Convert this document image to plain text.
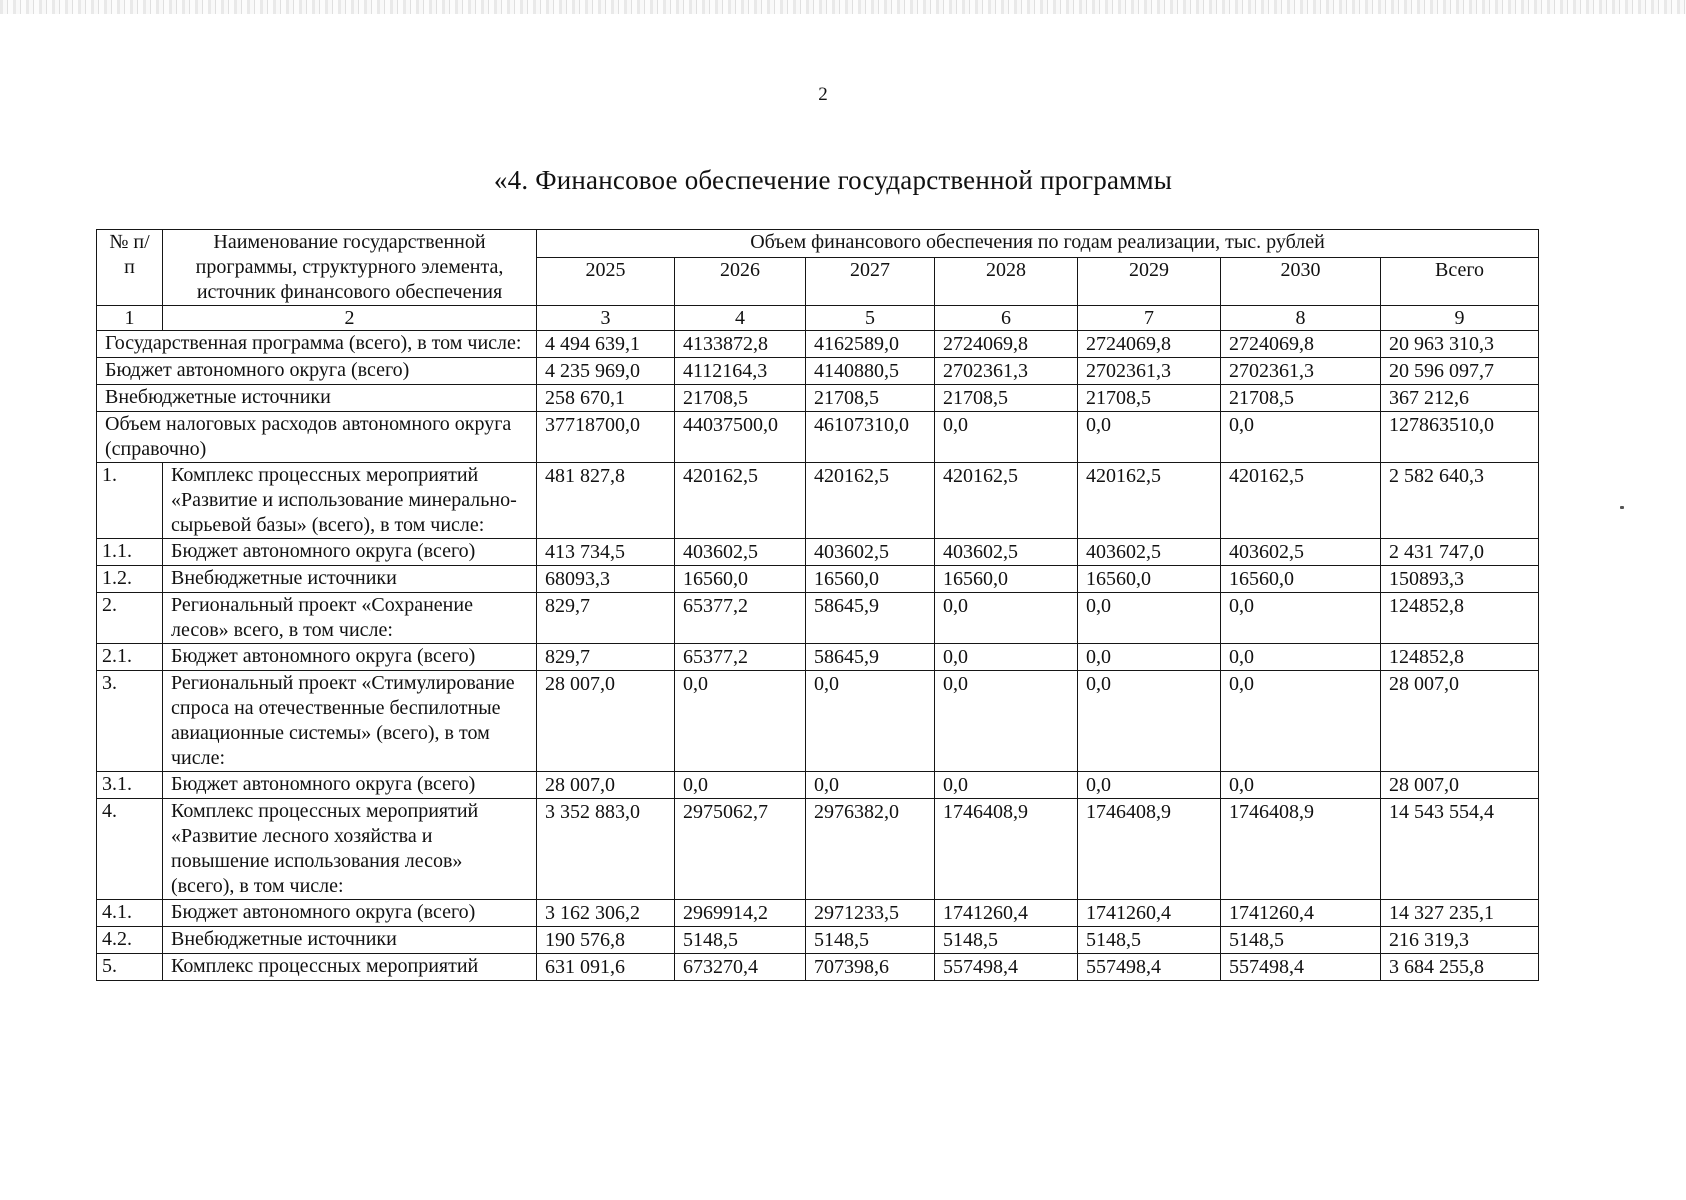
2
«4. Финансовое обеспечение государственной программы
№ п/п	Наименование государственной программы, структурного элемента, источник финансового обеспечения	Объем финансового обеспечения по годам реализации, тыс. рублей						
		2025	2026	2027	2028	2029	2030	Всего
1	2	3	4	5	6	7	8	9
Государственная программа (всего), в том числе:		4 494 639,1	4133872,8	4162589,0	2724069,8	2724069,8	2724069,8	20 963 310,3
Бюджет автономного округа (всего)		4 235 969,0	4112164,3	4140880,5	2702361,3	2702361,3	2702361,3	20 596 097,7
Внебюджетные источники		258 670,1	21708,5	21708,5	21708,5	21708,5	21708,5	367 212,6
Объем налоговых расходов автономного округа (справочно)		37718700,0	44037500,0	46107310,0	0,0	0,0	0,0	127863510,0
1.	Комплекс процессных мероприятий «Развитие и использование минерально-сырьевой базы» (всего), в том числе:	481 827,8	420162,5	420162,5	420162,5	420162,5	420162,5	2 582 640,3
1.1.	Бюджет автономного округа (всего)	413 734,5	403602,5	403602,5	403602,5	403602,5	403602,5	2 431 747,0
1.2.	Внебюджетные источники	68093,3	16560,0	16560,0	16560,0	16560,0	16560,0	150893,3
2.	Региональный проект «Сохранение лесов» всего, в том числе:	829,7	65377,2	58645,9	0,0	0,0	0,0	124852,8
2.1.	Бюджет автономного округа (всего)	829,7	65377,2	58645,9	0,0	0,0	0,0	124852,8
3.	Региональный проект «Стимулирование спроса на отечественные беспилотные авиационные системы» (всего), в том числе:	28 007,0	0,0	0,0	0,0	0,0	0,0	28 007,0
3.1.	Бюджет автономного округа (всего)	28 007,0	0,0	0,0	0,0	0,0	0,0	28 007,0
4.	Комплекс процессных мероприятий «Развитие лесного хозяйства и повышение использования лесов» (всего), в том числе:	3 352 883,0	2975062,7	2976382,0	1746408,9	1746408,9	1746408,9	14 543 554,4
4.1.	Бюджет автономного округа (всего)	3 162 306,2	2969914,2	2971233,5	1741260,4	1741260,4	1741260,4	14 327 235,1
4.2.	Внебюджетные источники	190 576,8	5148,5	5148,5	5148,5	5148,5	5148,5	216 319,3
5.	Комплекс процессных мероприятий	631 091,6	673270,4	707398,6	557498,4	557498,4	557498,4	3 684 255,8
